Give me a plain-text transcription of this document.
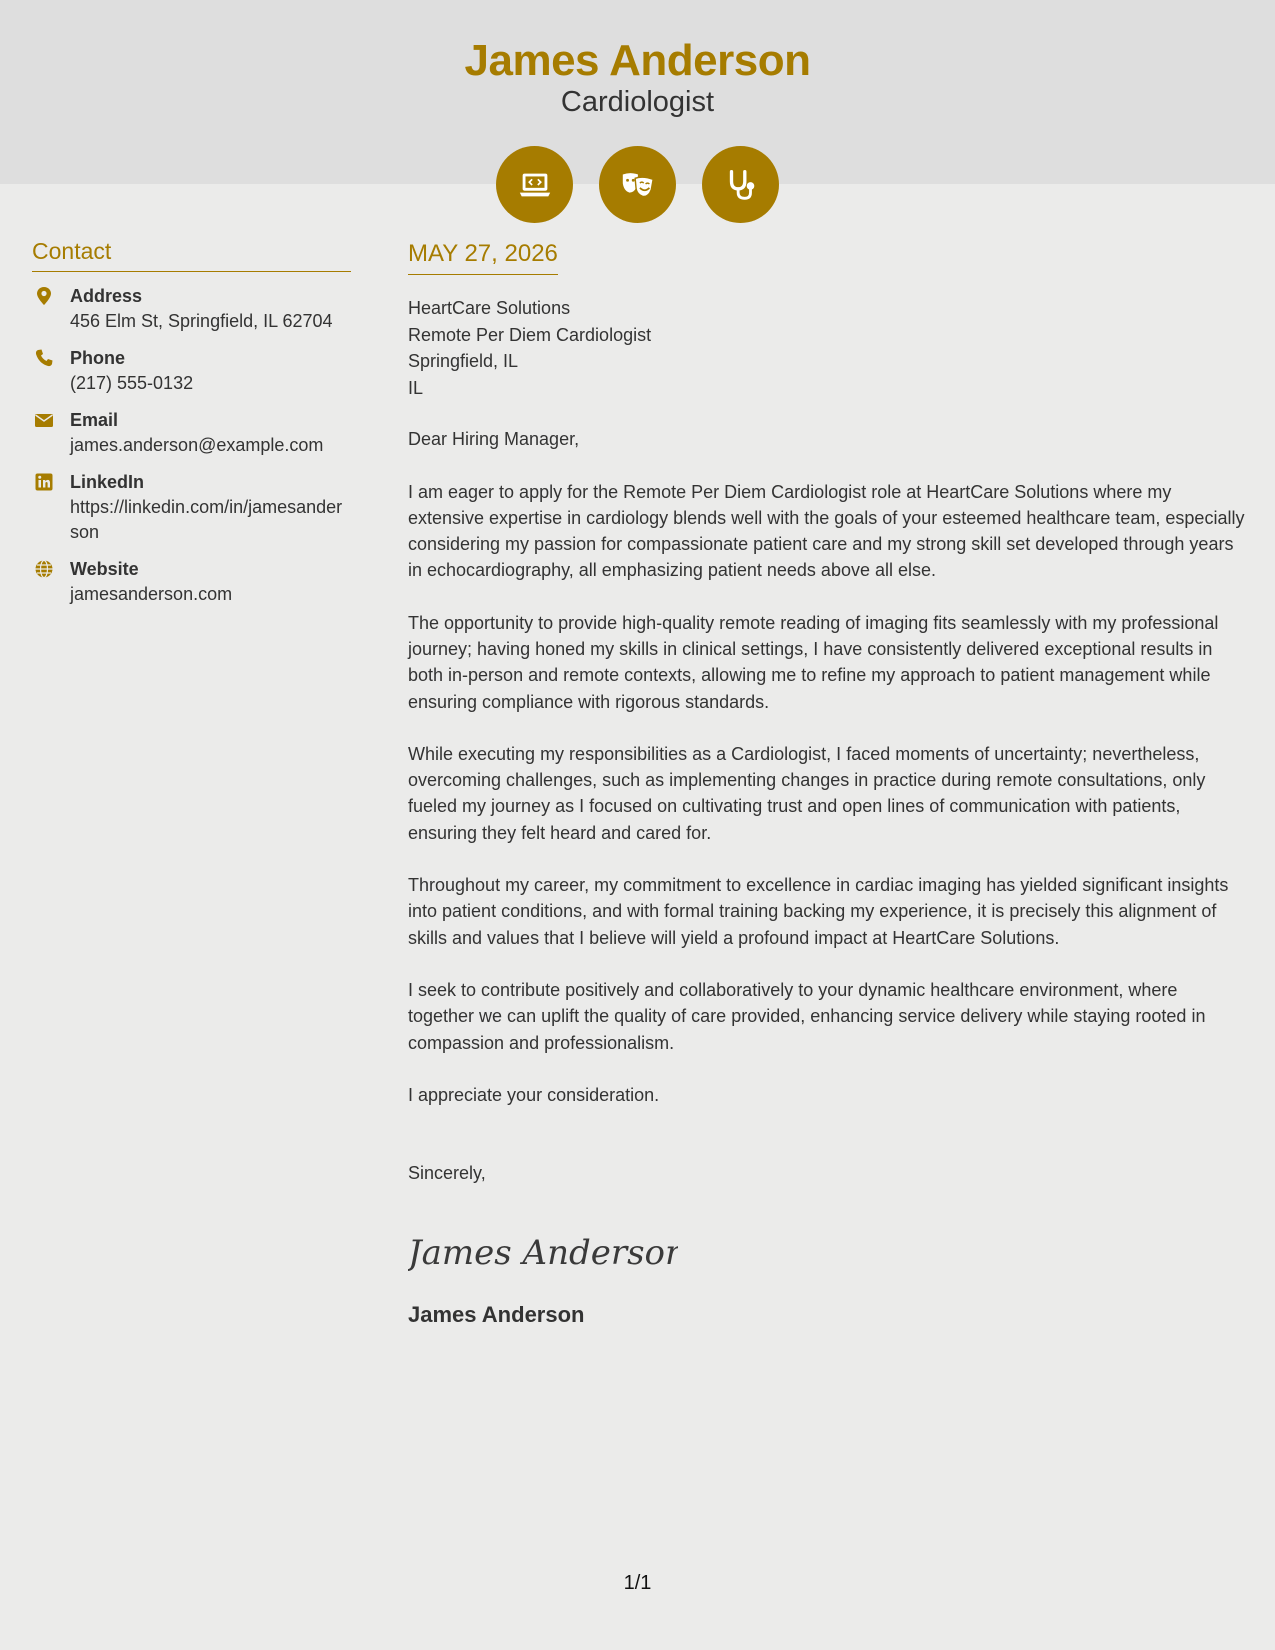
James Anderson
Cardiologist
Contact
Address
456 Elm St, Springfield, IL 62704
Phone
(217) 555-0132
Email
james.anderson@example.com
LinkedIn
https://linkedin.com/in/jamesanderson
Website
jamesanderson.com
MAY 27, 2026
HeartCare Solutions
Remote Per Diem Cardiologist
Springfield, IL
IL
Dear Hiring Manager,
I am eager to apply for the Remote Per Diem Cardiologist role at HeartCare Solutions where my extensive expertise in cardiology blends well with the goals of your esteemed healthcare team, especially considering my passion for compassionate patient care and my strong skill set developed through years in echocardiography, all emphasizing patient needs above all else.
The opportunity to provide high-quality remote reading of imaging fits seamlessly with my professional journey; having honed my skills in clinical settings, I have consistently delivered exceptional results in both in-person and remote contexts, allowing me to refine my approach to patient management while ensuring compliance with rigorous standards.
While executing my responsibilities as a Cardiologist, I faced moments of uncertainty; nevertheless, overcoming challenges, such as implementing changes in practice during remote consultations, only fueled my journey as I focused on cultivating trust and open lines of communication with patients, ensuring they felt heard and cared for.
Throughout my career, my commitment to excellence in cardiac imaging has yielded significant insights into patient conditions, and with formal training backing my experience, it is precisely this alignment of skills and values that I believe will yield a profound impact at HeartCare Solutions.
I seek to contribute positively and collaboratively to your dynamic healthcare environment, where together we can uplift the quality of care provided, enhancing service delivery while staying rooted in compassion and professionalism.
I appreciate your consideration.
Sincerely,
James Anderson
James Anderson
1/1
